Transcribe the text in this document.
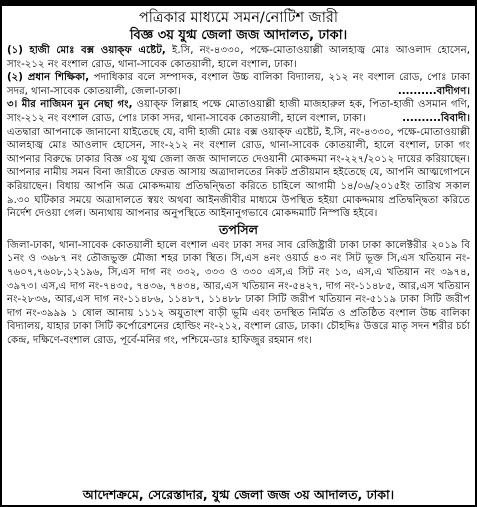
পত্রিকার মাধ্যমে সমন/নোটিশ জারী
বিজ্ঞ ৩য় যুগ্ম জেলা জজ আদালত, ঢাকা।

(১) হাজী মোঃ বক্স ওয়াক্ফ এষ্টেট, ই.সি, নং-৪৩৩০, পক্ষে-মোতাওয়াল্লী আলহাজ্ব মোঃ আওলাদ হোসেন, সাং-২১২ নং বংশাল রোড, থানা-সাবেক কোতয়ালী, হালে বংশাল, ঢাকা।

(২) প্রধান শিক্ষিকা, পদাধিকার বলে সম্পাদক, বংশাল উচ্চ বালিকা বিদ্যালয়, ২১২ নং বংশাল রোড, পোঃ ঢাকা সদর, থানা-সাবেক কোতয়ালী, জেলা-ঢাকা।	..........বাদীগণ।

৩। মীর নাজিমন মুন নেছা গং, ওয়াক্ফ লিল্লাহ পক্ষে মোতাওয়াল্লী হাজী মাজহারুল হক, পিতা-হাজী ওসমান গণি, সাং-২১২ নং বংশাল রোড, পোঃ ঢাকা সদর, থানা-সাবেক কোতয়ালী, হালে বংশাল, ঢাকা।	..........বিবাদী।

এতদ্বারা আপনাকে জানানো যাইতেছে যে, বাদী হাজী মোঃ বক্স ওয়াক্ফ এষ্টেট, ই.সি, নং-৪৩৩০, পক্ষে-মোতাওয়াল্লী আলহাজ্ব মোঃ আওলাদ হোসেন, সাং-২১২ নং বংশাল রোড, থানা-সাবেক কোতয়ালী, হালে বংশাল, ঢাকা গং আপনার বিরুদ্ধে ঢাকার বিজ্ঞ ৩য় যুগ্ম জেলা জজ আদালতে দেওয়ানী মোকদ্দমা নং-২২৭/২০১২ দায়ের করিয়াছেন। আপনার নামীয় সমন বিনা জারীতে ফেরত আসায় অত্রাদালতের নিকট প্রতীয়মান হইতেছে যে, আপনি আত্মগোপনে করিয়াছেন। বিধায় আপনি অত্র মোকদ্দমায় প্রতিদ্বন্দ্বিতা করিতে চাহিলে আগামী ১৪/০৬/২০১৫ইং তারিখ সকাল ৯.৩০ ঘটিকার সময়ে অত্রাদালতে স্বয়ং অথবা আইনজীবীর মাধ্যমে উপস্থিত হইয়া মোকদ্দমায় প্রতিদ্বন্দ্বিতা করিতে নির্দেশ দেওয়া গেল। অন্যথায় আপনার অনুপস্থিতে আইনানুগভাবে মোকদ্দমাটি নিস্পত্তি হইবে।

তপসিল

জিলা-ঢাকা, থানা-সাবেক কোতয়ালী হালে বংশাল এবং ঢাকা সদর সাব রেজিষ্ট্রারী ঢাকা ঢাকা কালেক্টরীর ২০১৯ বি ১নং ও ৩৬৮৭ নং তৌজভুক্ত মৌজা শহর ঢাকা স্থিত। সি,এস ৪নং ওয়ার্ড ৪৩ নং সিট ভূক্ত সি,এস খতিয়ান নং- ৭৬০৭,৭৬০৮,১২১৯৬, সি,এস দাগ নং ৩৩২, ৩৩৩ ও ৩৩০ এস,এ সিট নং ১৩, এস,এ খতিয়ান নং ৩৯৭৪, ৩৯৭৩। এস,এ দাগ নং-৭৪৩৫, ৭৪৩৬, ৭৪৩৪, আর,এস খতিয়ান নং-৫৪২৭, দাগ নং-১১৪৮৫, আর,এস খতিয়ান নং-২৮৩৬, আর,এস দাগ নং-১১৪৮৬, ১১৪৮৭, ১১৪৮৮ ঢাকা সিটি জরীপ খতিয়ান নং-৫১১৯ ঢাকা সিটি জরীপ দাগ নং-৩৯৯৯ ১ ষোল আনায় ১১১২ অযুতাংশ বাড়ী ভূমি এবং তদস্থিত নির্মিত ও প্রতিষ্ঠিত বংশাল উচ্চ বালিকা বিদ্যালয়, যাহার ঢাকা সিটি কর্পোরেশনের হোল্ডিং নং-২১২, বংশাল রোড, ঢাকা। চৌহদ্দিঃ উত্তরে মাতৃ সদন শরীর চর্চা কেন্দ্র, দক্ষিণে-বংশাল রোড, পূর্বে-মনির গং, পশ্চিমে-ডাঃ হাফিজুর রহমান গং।

আদেশক্রমে, সেরেস্তাদার, যুগ্ম জেলা জজ ৩য় আদালত, ঢাকা।
